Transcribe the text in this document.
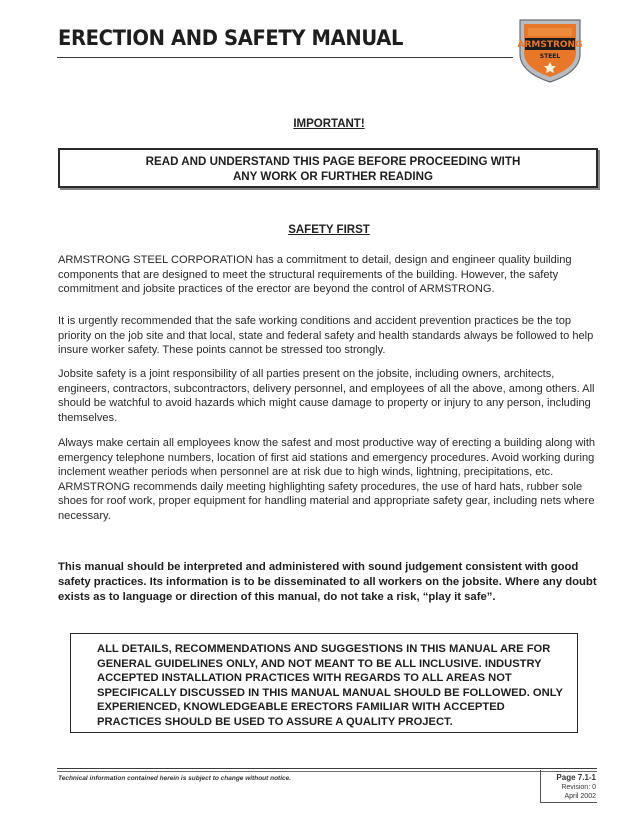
ERECTION AND SAFETY MANUAL	ARMSTRONG
STEEL
IMPORTANT!
READ AND UNDERSTAND THIS PAGE BEFORE PROCEEDING WITH
ANY WORK OR FURTHER READING
SAFETY FIRST
ARMSTRONG STEEL CORPORATION has a commitment to detail, design and engineer quality building components that are designed to meet the structural requirements of the building. However, the safety commitment and jobsite practices of the erector are beyond the control of ARMSTRONG.
It is urgently recommended that the safe working conditions and accident prevention practices be the top priority on the job site and that local, state and federal safety and health standards always be followed to help insure worker safety. These points cannot be stressed too strongly.
Jobsite safety is a joint responsibility of all parties present on the jobsite, including owners, architects, engineers, contractors, subcontractors, delivery personnel, and employees of all the above, among others. All should be watchful to avoid hazards which might cause damage to property or injury to any person, including themselves.
Always make certain all employees know the safest and most productive way of erecting a building along with emergency telephone numbers, location of first aid stations and emergency procedures. Avoid working during inclement weather periods when personnel are at risk due to high winds, lightning, precipitations, etc. ARMSTRONG recommends daily meeting highlighting safety procedures, the use of hard hats, rubber sole shoes for roof work, proper equipment for handling material and appropriate safety gear, including nets where necessary.
This manual should be interpreted and administered with sound judgement consistent with good safety practices. Its information is to be disseminated to all workers on the jobsite. Where any doubt exists as to language or direction of this manual, do not take a risk, “play it safe”.
ALL DETAILS, RECOMMENDATIONS AND SUGGESTIONS IN THIS MANUAL ARE FOR GENERAL GUIDELINES ONLY, AND NOT MEANT TO BE ALL INCLUSIVE. INDUSTRY ACCEPTED INSTALLATION PRACTICES WITH REGARDS TO ALL AREAS NOT SPECIFICALLY DISCUSSED IN THIS MANUAL MANUAL SHOULD BE FOLLOWED. ONLY EXPERIENCED, KNOWLEDGEABLE ERECTORS FAMILIAR WITH ACCEPTED PRACTICES SHOULD BE USED TO ASSURE A QUALITY PROJECT.
Technical information contained herein is subject to change without notice.	Page 7.1-1
Revision: 0
April 2002
